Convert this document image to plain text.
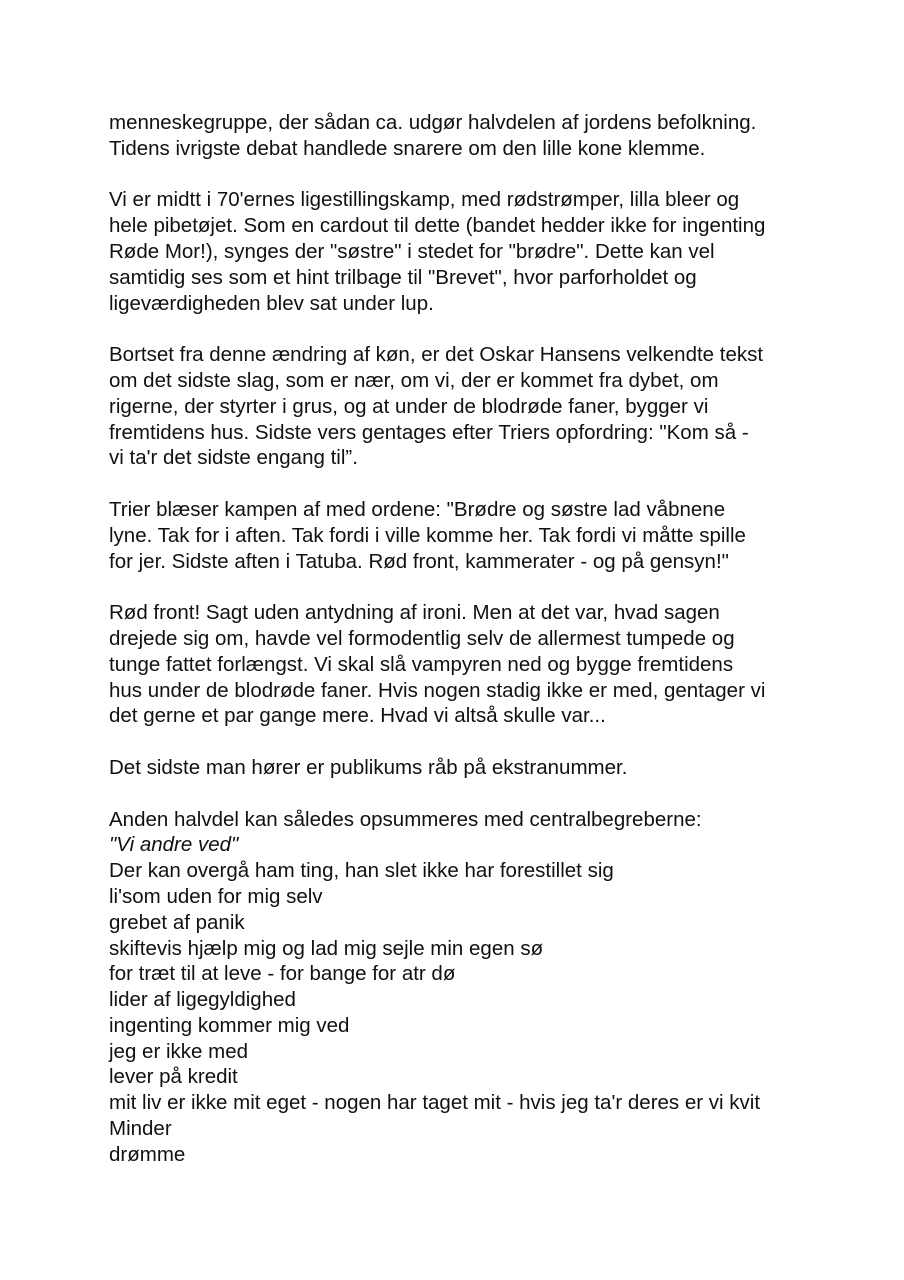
menneskegruppe, der sådan ca. udgør halvdelen af jordens befolkning.
Tidens ivrigste debat handlede snarere om den lille kone klemme.
Vi er midtt i 70'ernes ligestillingskamp, med rødstrømper, lilla bleer og
hele pibetøjet. Som en cardout til dette (bandet hedder ikke for ingenting
Røde Mor!), synges der "søstre" i stedet for "brødre". Dette kan vel
samtidig ses som et hint trilbage til "Brevet", hvor parforholdet og
ligeværdigheden blev sat under lup.
Bortset fra denne ændring af køn, er det Oskar Hansens velkendte tekst
om det sidste slag, som er nær, om vi, der er kommet fra dybet, om
rigerne, der styrter i grus, og at under de blodrøde faner, bygger vi
fremtidens hus. Sidste vers gentages efter Triers opfordring: "Kom så -
vi ta'r det sidste engang til”.
Trier blæser kampen af med ordene: "Brødre og søstre lad våbnene
lyne. Tak for i aften. Tak fordi i ville komme her. Tak fordi vi måtte spille
for jer. Sidste aften i Tatuba. Rød front, kammerater - og på gensyn!"
Rød front! Sagt uden antydning af ironi. Men at det var, hvad sagen
drejede sig om, havde vel formodentlig selv de allermest tumpede og
tunge fattet forlængst. Vi skal slå vampyren ned og bygge fremtidens
hus under de blodrøde faner. Hvis nogen stadig ikke er med, gentager vi
det gerne et par gange mere. Hvad vi altså skulle var...
Det sidste man hører er publikums råb på ekstranummer.
Anden halvdel kan således opsummeres med centralbegreberne:
"Vi andre ved"
Der kan overgå ham ting, han slet ikke har forestillet sig
li'som uden for mig selv
grebet af panik
skiftevis hjælp mig og lad mig sejle min egen sø
for træt til at leve - for bange for atr dø
lider af ligegyldighed
ingenting kommer mig ved
jeg er ikke med
lever på kredit
mit liv er ikke mit eget - nogen har taget mit - hvis jeg ta'r deres er vi kvit
Minder
drømme
